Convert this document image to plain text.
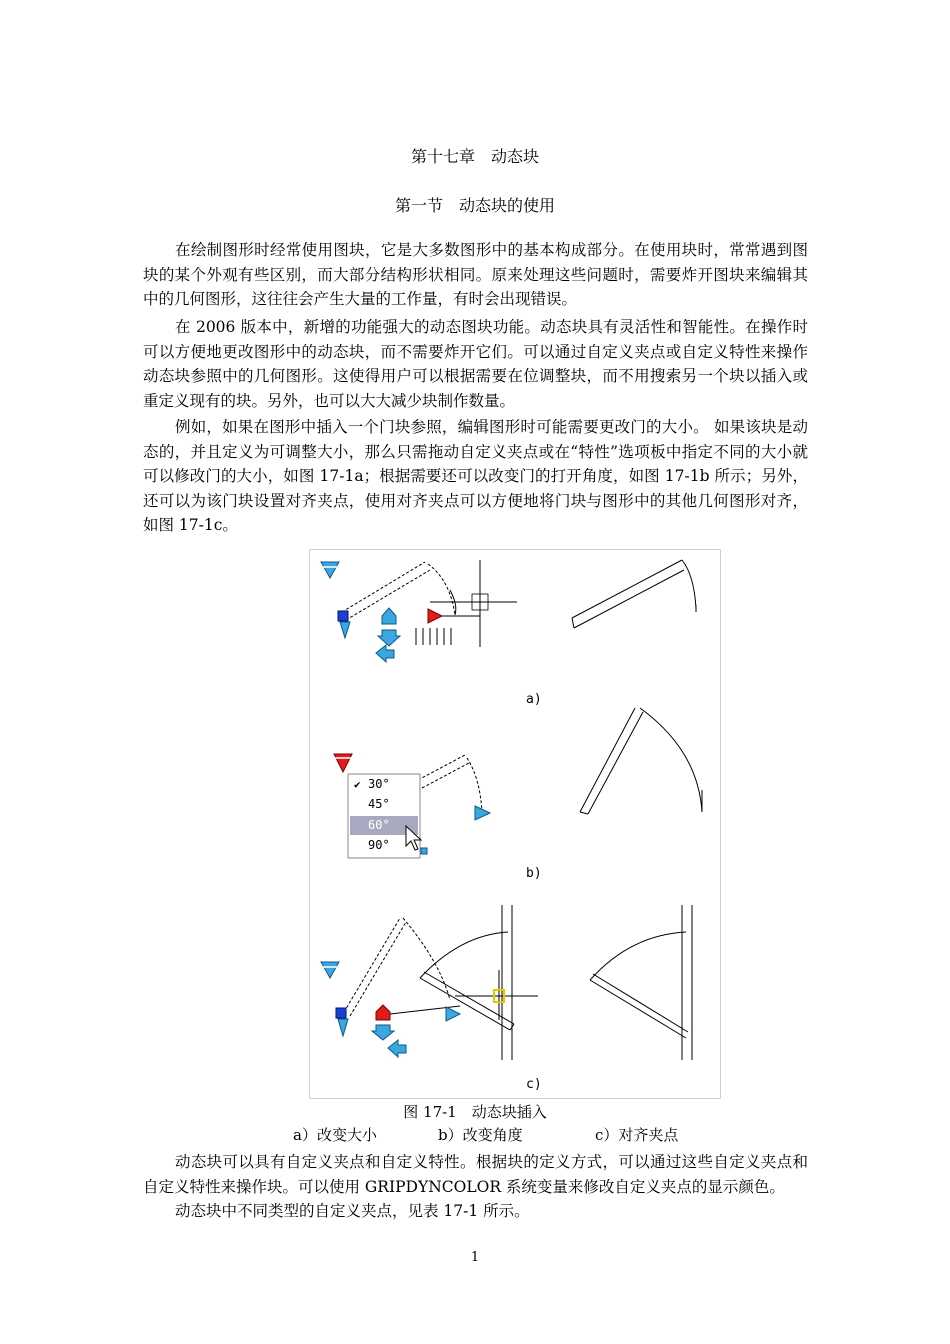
第十七章　动态块
第一节　动态块的使用

在绘制图形时经常使用图块，它是大多数图形中的基本构成部分。在使用块时，常常遇到图块的某个外观有些区别，而大部分结构形状相同。原来处理这些问题时，需要炸开图块来编辑其中的几何图形，这往往会产生大量的工作量，有时会出现错误。

在 2006 版本中，新增的功能强大的动态图块功能。动态块具有灵活性和智能性。在操作时可以方便地更改图形中的动态块，而不需要炸开它们。可以通过自定义夹点或自定义特性来操作动态块参照中的几何图形。这使得用户可以根据需要在位调整块，而不用搜索另一个块以插入或重定义现有的块。另外，也可以大大减少块制作数量。

例如，如果在图形中插入一个门块参照，编辑图形时可能需要更改门的大小。 如果该块是动态的，并且定义为可调整大小，那么只需拖动自定义夹点或在“特性”选项板中指定不同的大小就可以修改门的大小，如图 17-1a；根据需要还可以改变门的打开角度，如图 17-1b 所示；另外，还可以为该门块设置对齐夹点，使用对齐夹点可以方便地将门块与图形中的其他几何图形对齐，如图 17-1c。

a)
✔ 30°
45°
60°
90°
b)
c)
图 17-1　动态块插入
a）改变大小	b）改变角度	c）对齐夹点

动态块可以具有自定义夹点和自定义特性。根据块的定义方式，可以通过这些自定义夹点和自定义特性来操作块。可以使用 GRIPDYNCOLOR 系统变量来修改自定义夹点的显示颜色。

动态块中不同类型的自定义夹点，见表 17-1 所示。

1
